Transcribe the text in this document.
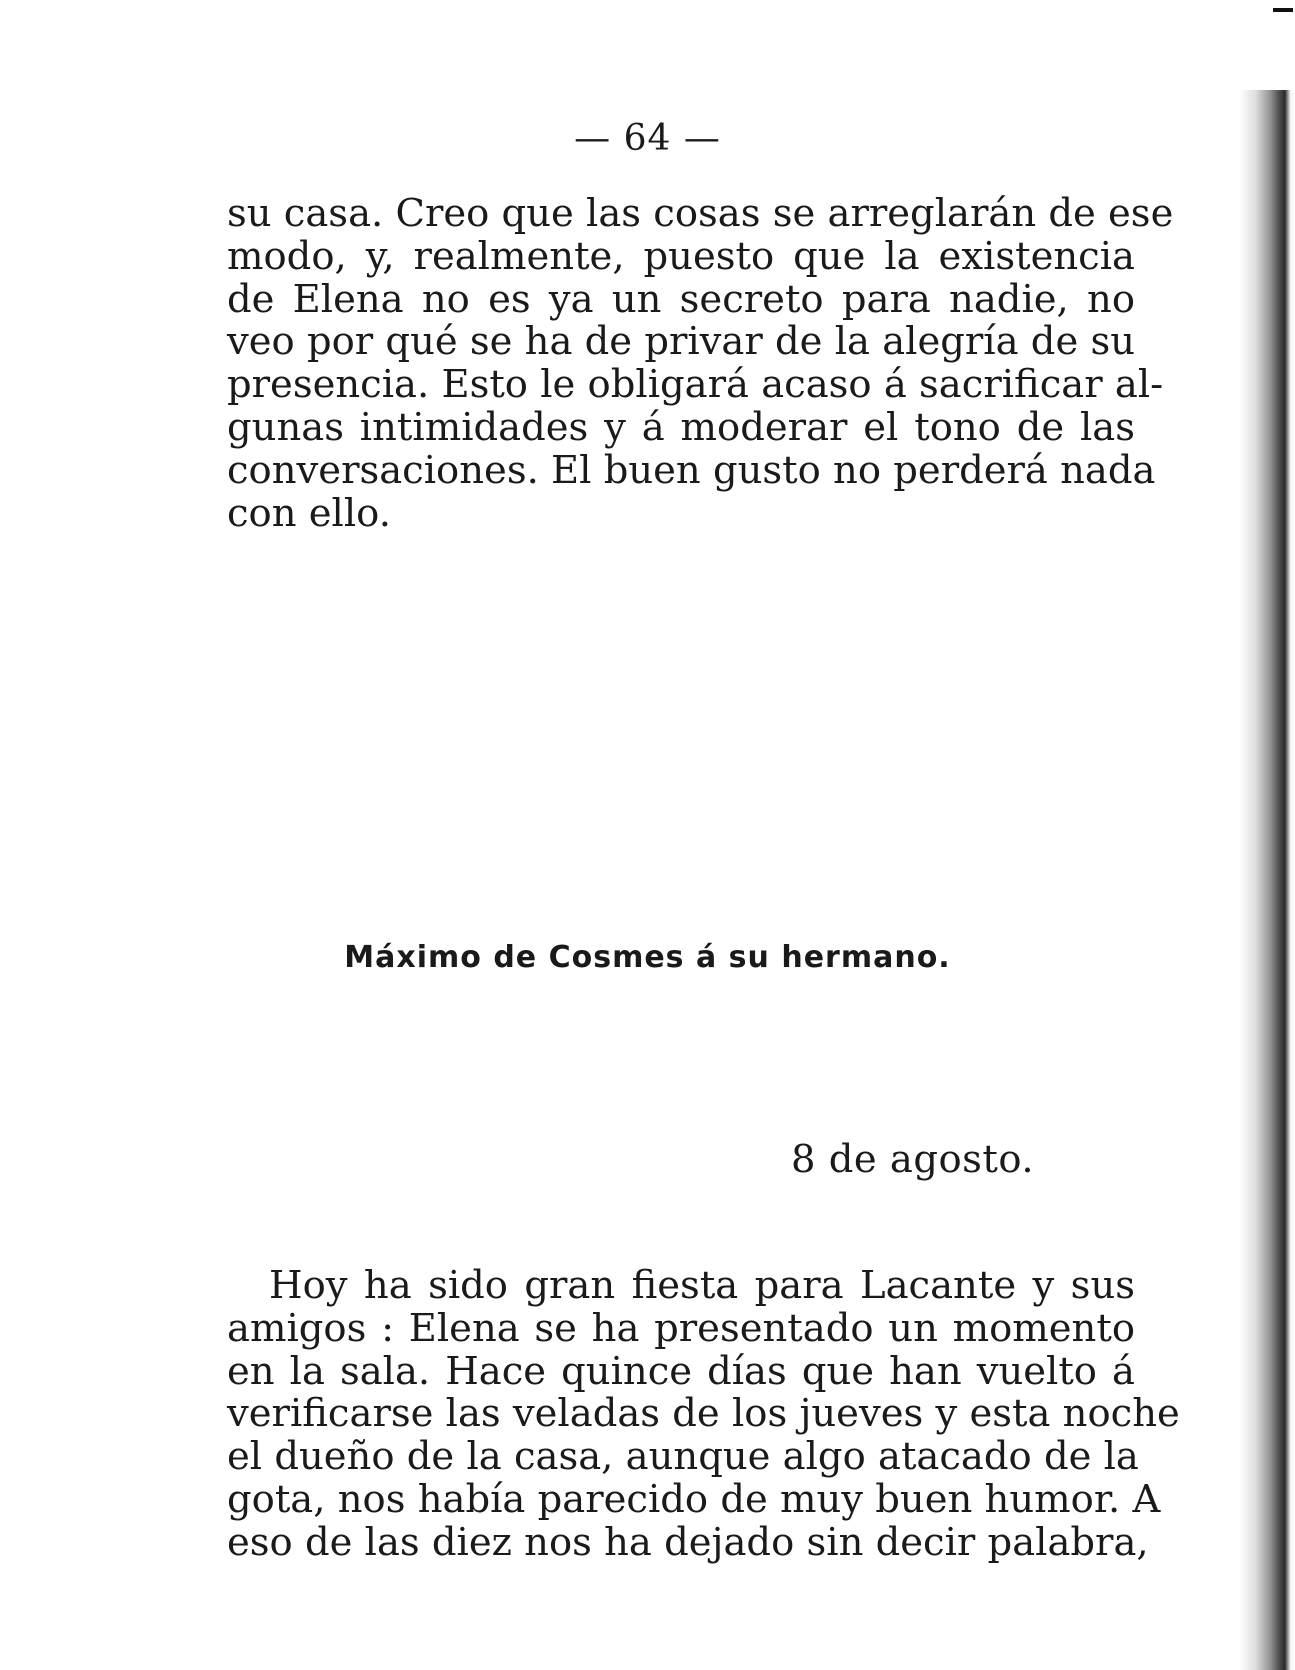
— 64 —
su casa. Creo que las cosas se arreglarán de ese
modo, y, realmente, puesto que la existencia
de Elena no es ya un secreto para nadie, no
veo por qué se ha de privar de la alegría de su
presencia. Esto le obligará acaso á sacrificar al-
gunas intimidades y á moderar el tono de las
conversaciones. El buen gusto no perderá nada
con ello.
Máximo de Cosmes á su hermano.
8 de agosto.
Hoy ha sido gran fiesta para Lacante y sus
amigos : Elena se ha presentado un momento
en la sala. Hace quince días que han vuelto á
verificarse las veladas de los jueves y esta noche
el dueño de la casa, aunque algo atacado de la
gota, nos había parecido de muy buen humor. A
eso de las diez nos ha dejado sin decir palabra,
